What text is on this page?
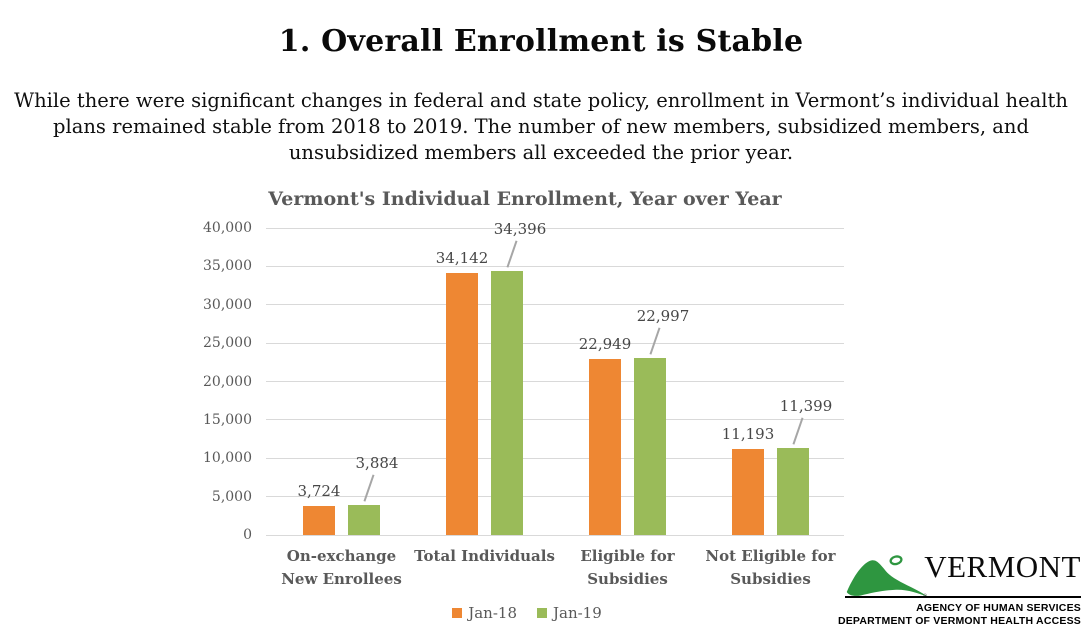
1. Overall Enrollment is Stable
While there were significant changes in federal and state policy, enrollment in Vermont’s individual health
plans remained stable from 2018 to 2019. The number of new members, subsidized members, and
unsubsidized members all exceeded the prior year.
Vermont's Individual Enrollment, Year over Year
0
5,000
10,000
15,000
20,000
25,000
30,000
35,000
40,000
3,724
34,142
22,949
11,193
3,884
34,396
22,997
11,399
On-exchange
New Enrollees
Total Individuals	Eligible for
Subsidies
Not Eligible for
Subsidies
Jan-18 Jan-19
VERMONT
AGENCY OF HUMAN SERVICES
DEPARTMENT OF VERMONT HEALTH ACCESS
